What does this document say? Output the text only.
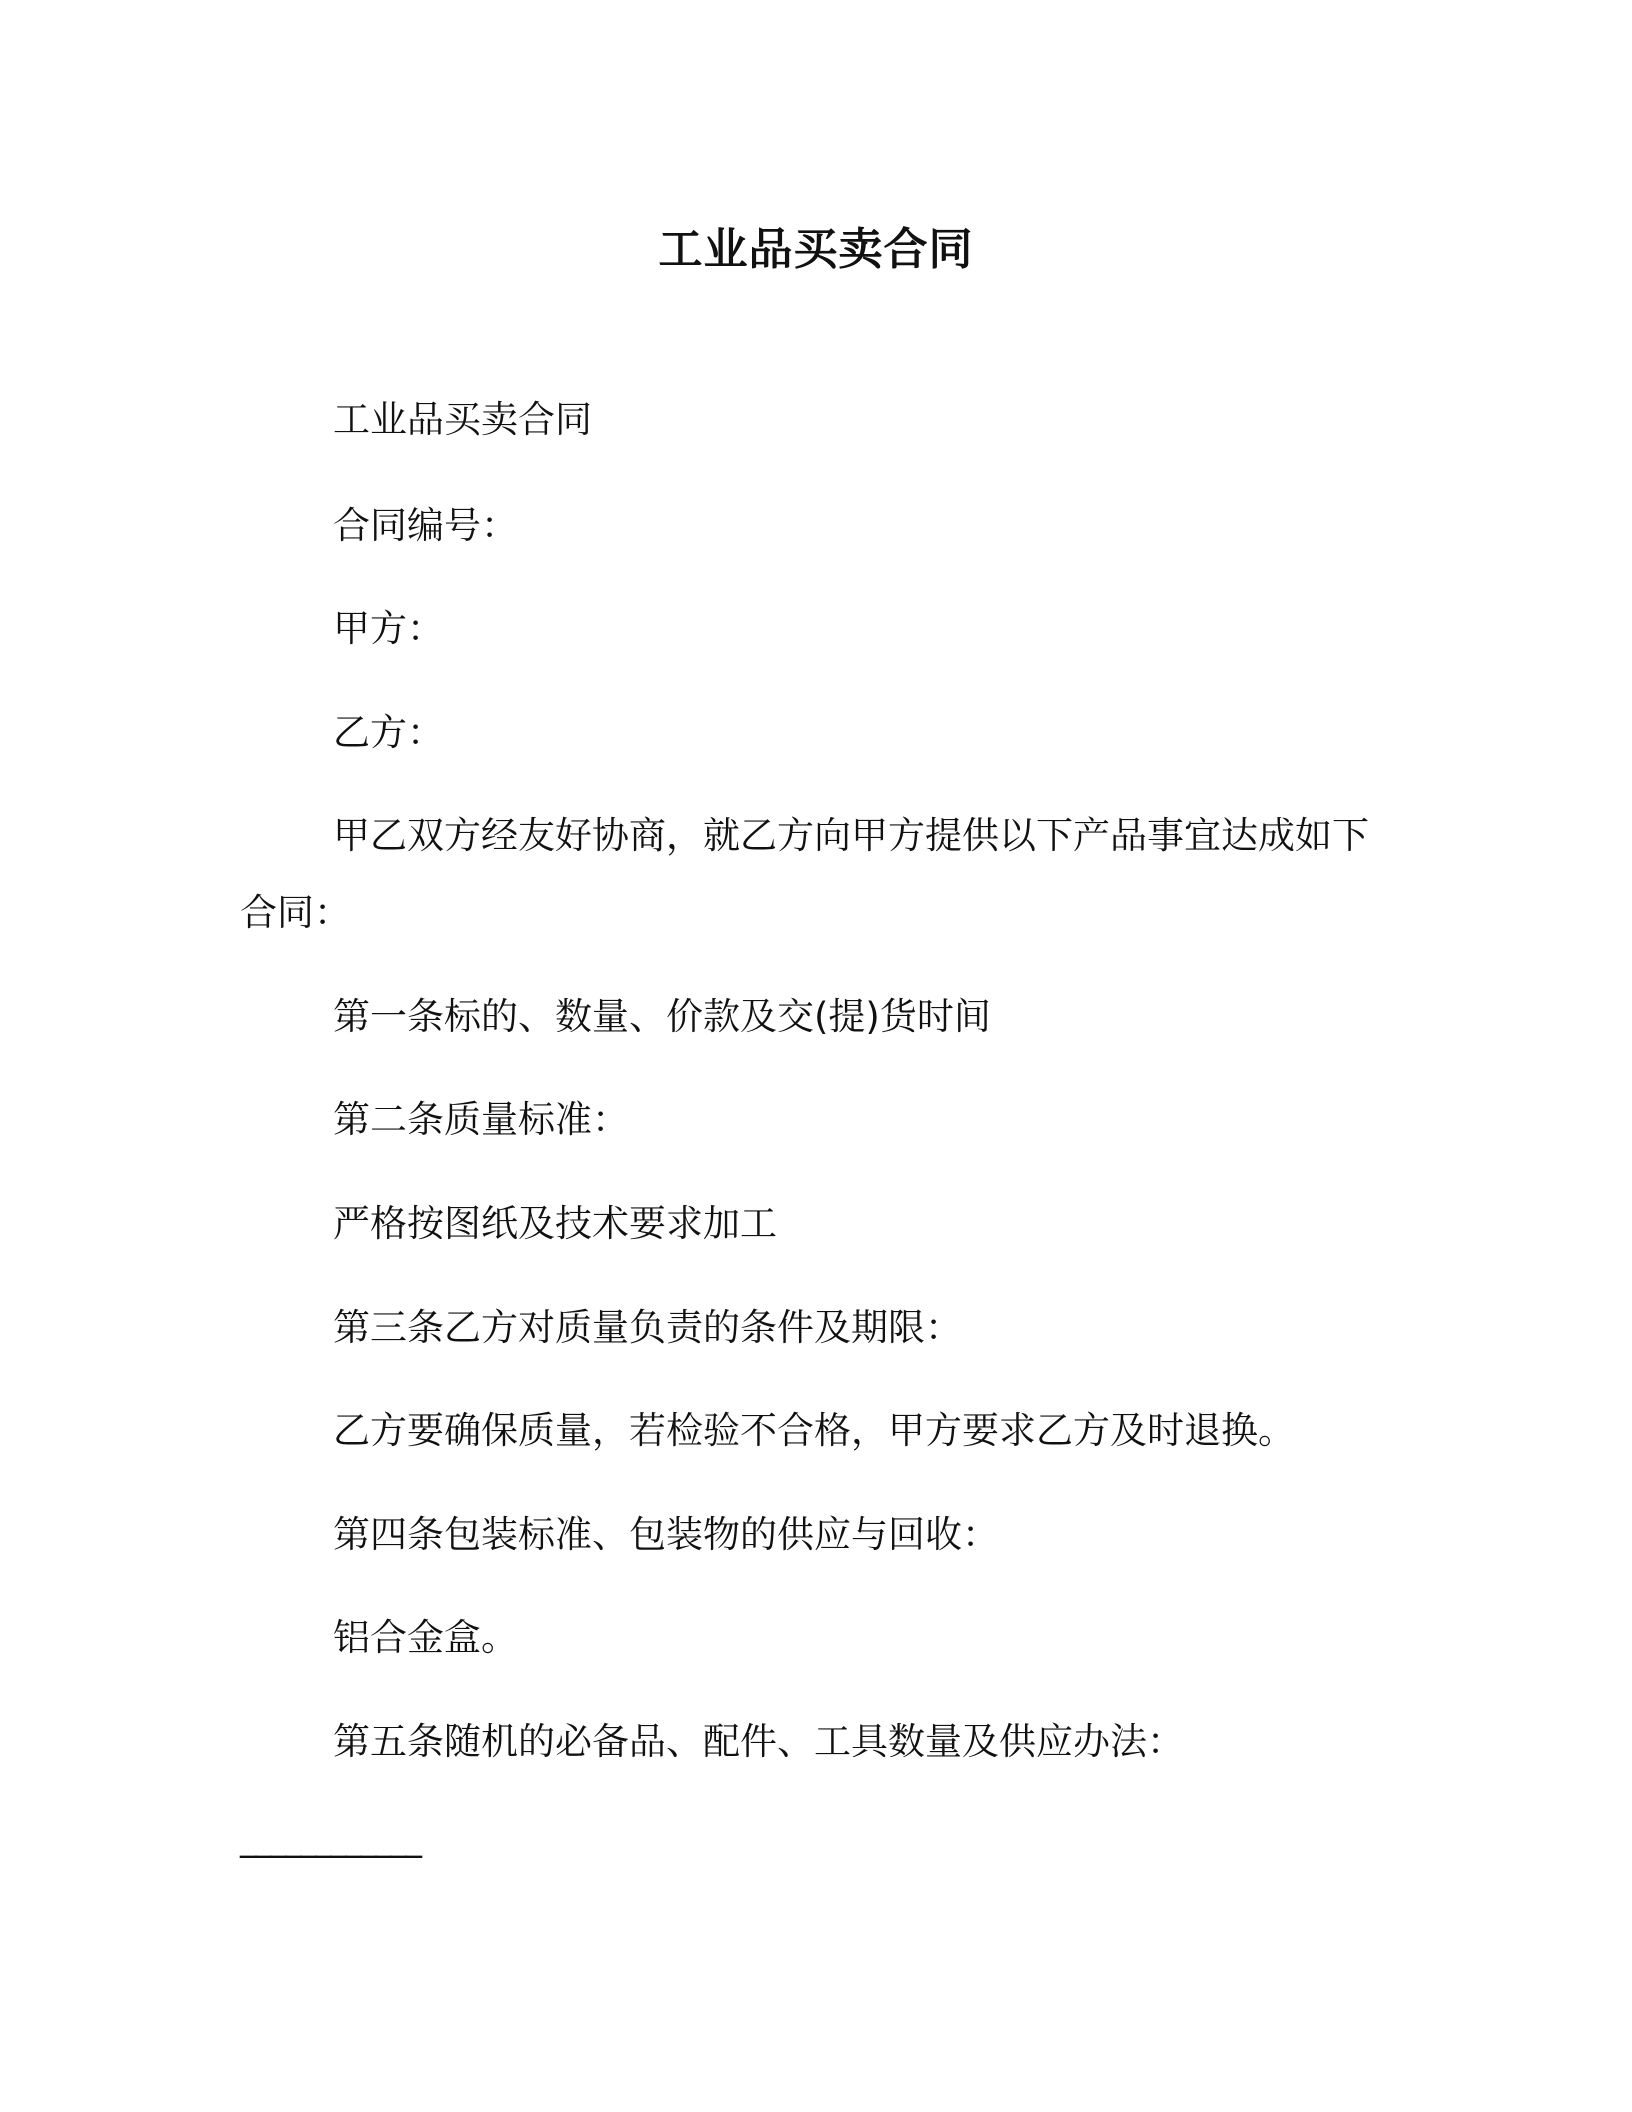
工业品买卖合同
工业品买卖合同
合同编号：
甲方：
乙方：
甲乙双方经友好协商，就乙方向甲方提供以下产品事宜达成如下
合同：
第一条标的、数量、价款及交(提)货时间
第二条质量标准：
严格按图纸及技术要求加工
第三条乙方对质量负责的条件及期限：
乙方要确保质量，若检验不合格，甲方要求乙方及时退换。
第四条包装标准、包装物的供应与回收：
铝合金盒。
第五条随机的必备品、配件、工具数量及供应办法：
____________
